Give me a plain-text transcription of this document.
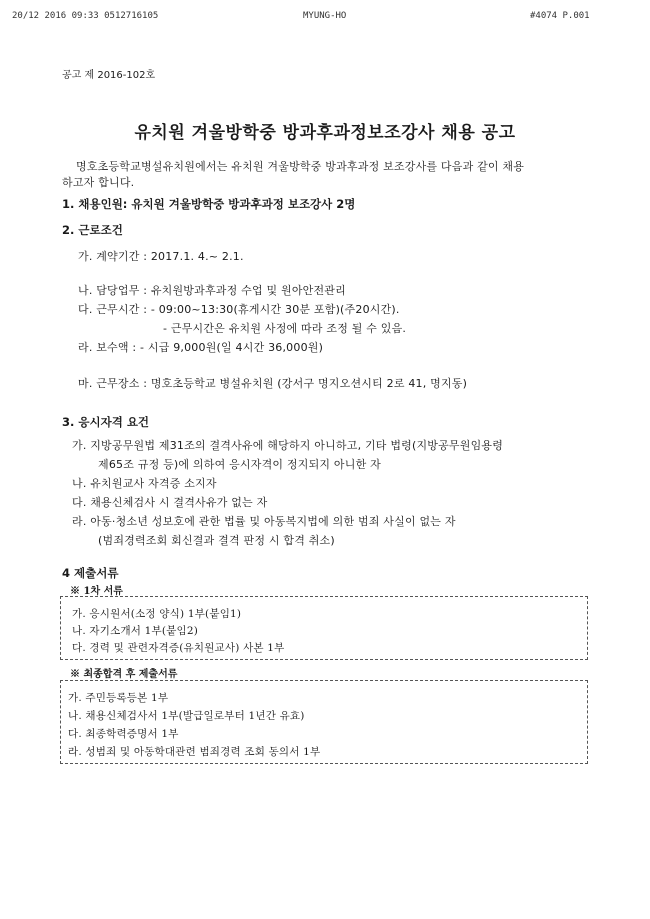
20/12 2016 09:33 0512716105	MYUNG-HO	#4074 P.001
공고 제 2016-102호
유치원 겨울방학중 방과후과정보조강사 채용 공고
명호초등학교병설유치원에서는 유치원 겨울방학중 방과후과정 보조강사를 다음과 같이 채용
하고자 합니다.
1. 채용인원: 유치원 겨울방학중 방과후과정 보조강사 2명
2. 근로조건
가. 계약기간 : 2017.1. 4.~ 2.1.
나. 담당업무 : 유치원방과후과정 수업 및 원아안전관리
다. 근무시간 : - 09:00~13:30(휴게시간 30분 포함)(주20시간).
- 근무시간은 유치원 사정에 따라 조정 될 수 있음.
라. 보수액 : - 시급 9,000원(일 4시간 36,000원)
마. 근무장소 : 명호초등학교 병설유치원 (강서구 명지오션시티 2로 41, 명지동)
3. 응시자격 요건
가. 지방공무원법 제31조의 결격사유에 해당하지 아니하고, 기타 법령(지방공무원임용령
제65조 규정 등)에 의하여 응시자격이 정지되지 아니한 자
나. 유치원교사 자격증 소지자
다. 채용신체검사 시 결격사유가 없는 자
라. 아동·청소년 성보호에 관한 법률 및 아동복지법에 의한 범죄 사실이 없는 자
(범죄경력조회 회신결과 결격 판정 시 합격 취소)
4 제출서류
※ 1차 서류
가. 응시원서(소정 양식) 1부(붙임1)
나. 자기소개서 1부(붙임2)
다. 경력 및 관련자격증(유치원교사) 사본 1부
※ 최종합격 후 제출서류
가. 주민등록등본 1부
나. 채용신체검사서 1부(발급일로부터 1년간 유효)
다. 최종학력증명서 1부
라. 성범죄 및 아동학대관련 범죄경력 조회 동의서 1부
